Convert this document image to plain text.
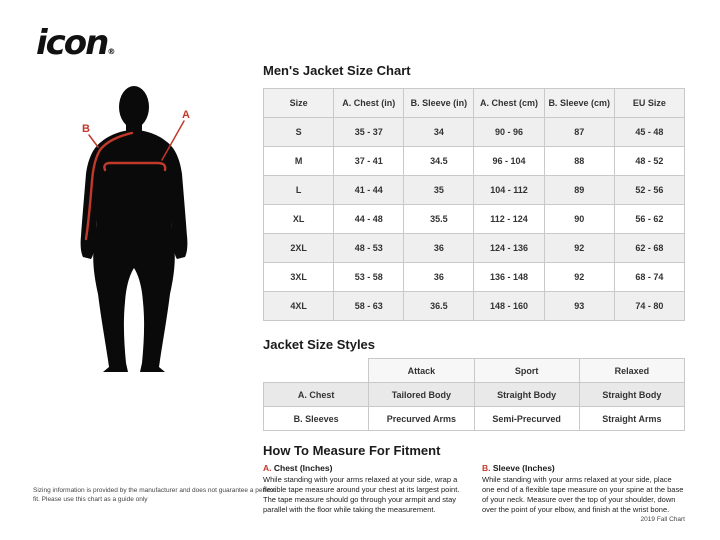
icon®
A
B
Men's Jacket Size Chart
Size	A. Chest (in)	B. Sleeve (in)	A. Chest (cm)	B. Sleeve (cm)	EU Size
S	35 - 37	34	90 - 96	87	45 - 48
M	37 - 41	34.5	96 - 104	88	48 - 52
L	41 - 44	35	104 - 112	89	52 - 56
XL	44 - 48	35.5	112 - 124	90	56 - 62
2XL	48 - 53	36	124 - 136	92	62 - 68
3XL	53 - 58	36	136 - 148	92	68 - 74
4XL	58 - 63	36.5	148 - 160	93	74 - 80
Jacket Size Styles
	Attack	Sport	Relaxed
A. Chest	Tailored Body	Straight Body	Straight Body
B. Sleeves	Precurved Arms	Semi-Precurved	Straight Arms
How To Measure For Fitment

A. Chest (Inches)

While standing with your arms relaxed at your side, wrap a flexible tape measure around your chest at its largest point. The tape measure should go through your armpit and stay parallel with the floor while taking the measurement.

B. Sleeve (Inches)

While standing with your arms relaxed at your side, place one end of a flexible tape measure on your spine at the base of your neck. Measure over the top of your shoulder, down over the point of your elbow, and finish at the wrist bone.

Sizing information is provided by the manufacturer and does not guarantee a perfect fit. Please use this chart as a guide only
2019 Fall Chart
